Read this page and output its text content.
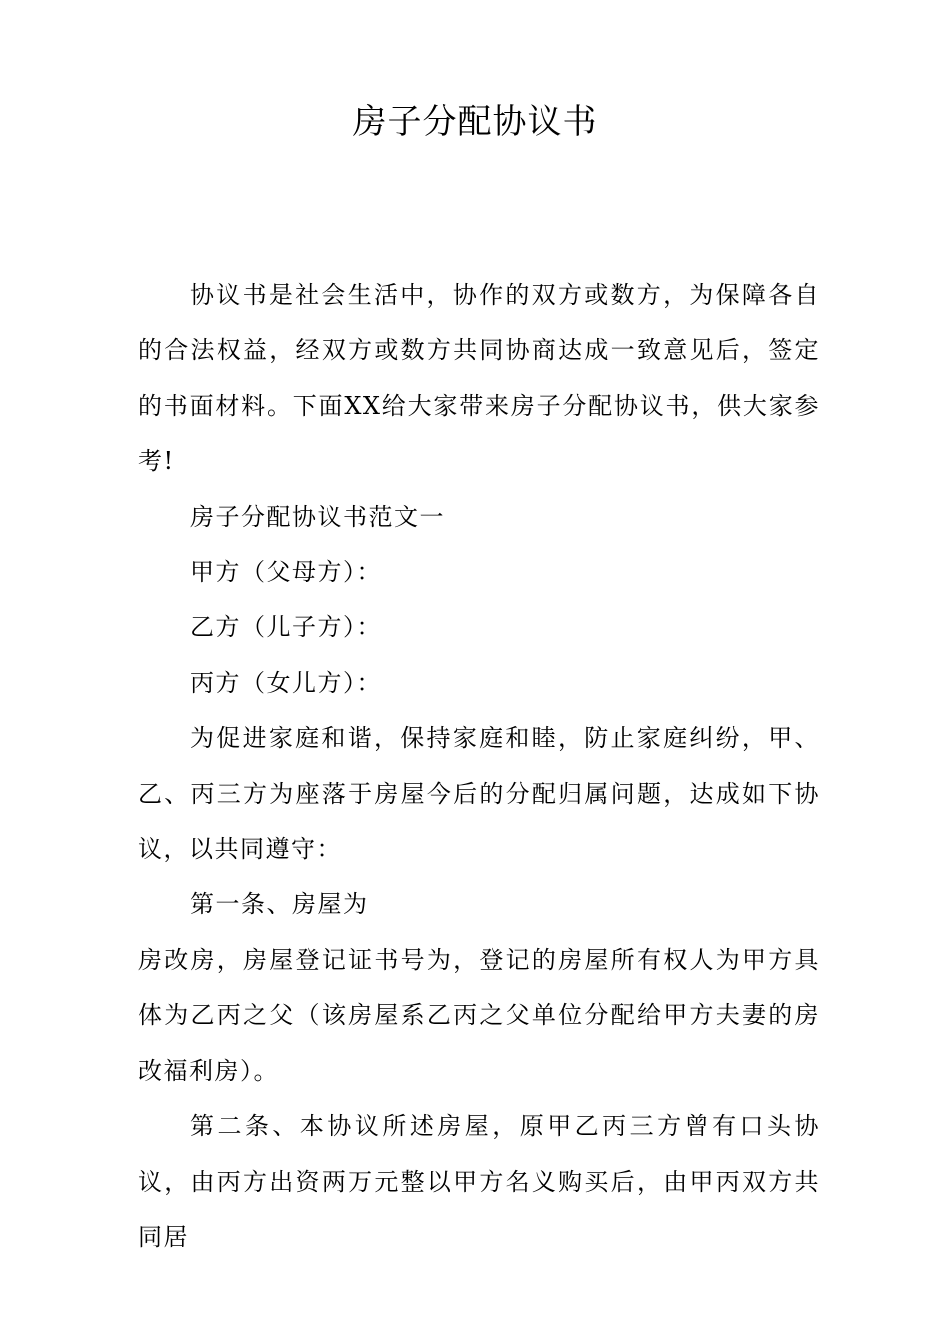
房子分配协议书

协议书是社会生活中，协作的双方或数方，为保障各自的合法权益，经双方或数方共同协商达成一致意见后，签定的书面材料。下面XX给大家带来房子分配协议书，供大家参考!

房子分配协议书范文一

甲方（父母方）：

乙方（儿子方）：

丙方（女儿方）：

为促进家庭和谐，保持家庭和睦，防止家庭纠纷，甲、乙、丙三方为座落于房屋今后的分配归属问题，达成如下协议，以共同遵守：

第一条、房屋为

房改房，房屋登记证书号为，登记的房屋所有权人为甲方具体为乙丙之父（该房屋系乙丙之父单位分配给甲方夫妻的房改福利房）。

第二条、本协议所述房屋，原甲乙丙三方曾有口头协议，由丙方出资两万元整以甲方名义购买后，由甲丙双方共同居
